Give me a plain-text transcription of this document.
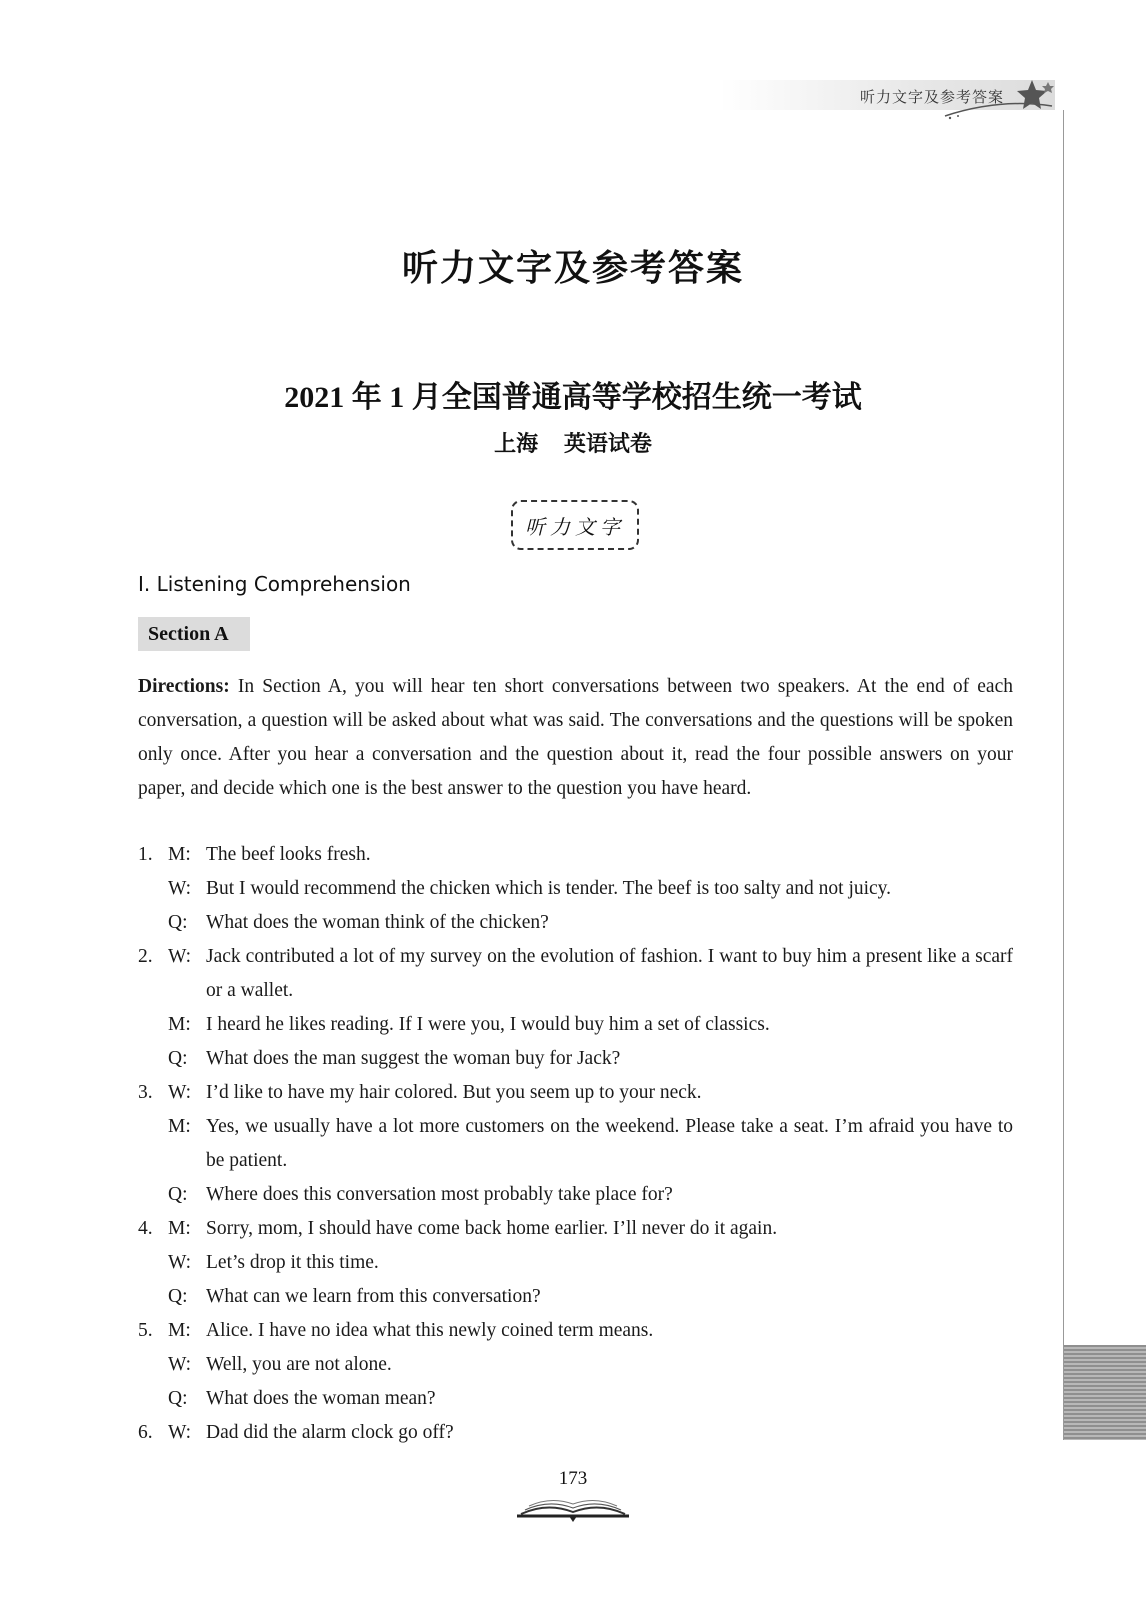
听力文字及参考答案
听力文字及参考答案
2021 年 1 月全国普通高等学校招生统一考试
上海 英语试卷
听力文字
I. Listening Comprehension
Section A

Directions: In Section A, you will hear ten short conversations between two speakers. At the end of each conversation, a question will be asked about what was said. The conversations and the questions will be spoken only once. After you hear a conversation and the question about it, read the four possible answers on your paper, and decide which one is the best answer to the question you have heard.

1. M: The beef looks fresh.
W: But I would recommend the chicken which is tender. The beef is too salty and not juicy.
Q: What does the woman think of the chicken?
2. W: Jack contributed a lot of my survey on the evolution of fashion. I want to buy him a present like a scarf or a wallet.
M: I heard he likes reading. If I were you, I would buy him a set of classics.
Q: What does the man suggest the woman buy for Jack?
3. W: I’d like to have my hair colored. But you seem up to your neck.
M: Yes, we usually have a lot more customers on the weekend. Please take a seat. I’m afraid you have to be patient.
Q: Where does this conversation most probably take place for?
4. M: Sorry, mom, I should have come back home earlier. I’ll never do it again.
W: Let’s drop it this time.
Q: What can we learn from this conversation?
5. M: Alice. I have no idea what this newly coined term means.
W: Well, you are not alone.
Q: What does the woman mean?
6. W: Dad did the alarm clock go off?
173
